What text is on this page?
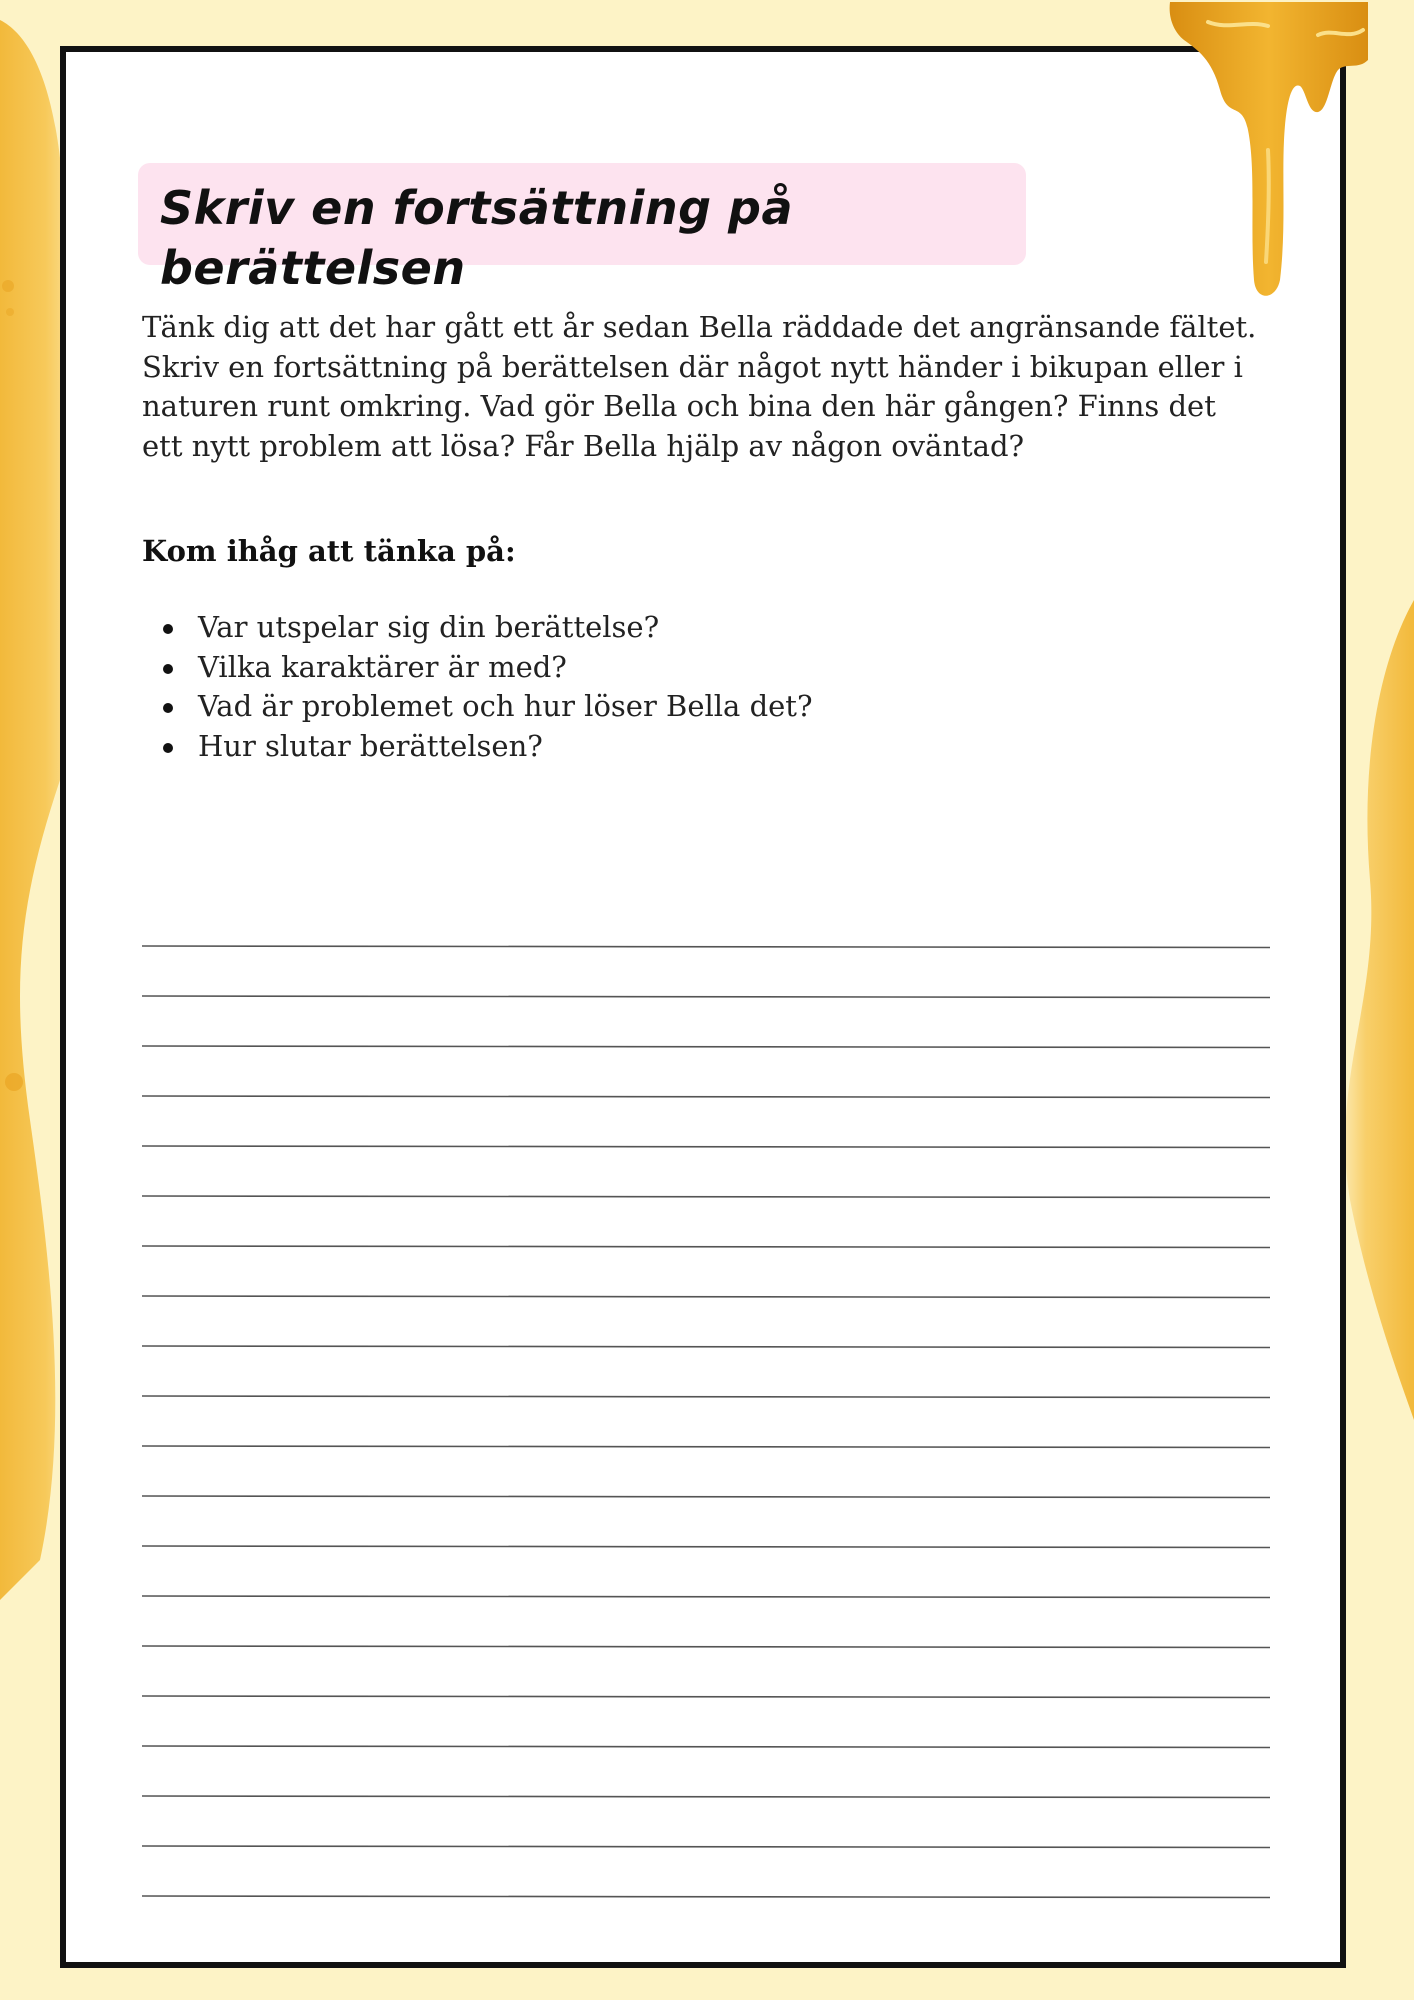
Skriv en fortsättning på berättelsen

Tänk dig att det har gått ett år sedan Bella räddade det angränsande fältet. Skriv en fortsättning på berättelsen där något nytt händer i bikupan eller i naturen runt omkring. Vad gör Bella och bina den här gången? Finns det ett nytt problem att lösa? Får Bella hjälp av någon oväntad?

Kom ihåg att tänka på:

Var utspelar sig din berättelse?
Vilka karaktärer är med?
Vad är problemet och hur löser Bella det?
Hur slutar berättelsen?
